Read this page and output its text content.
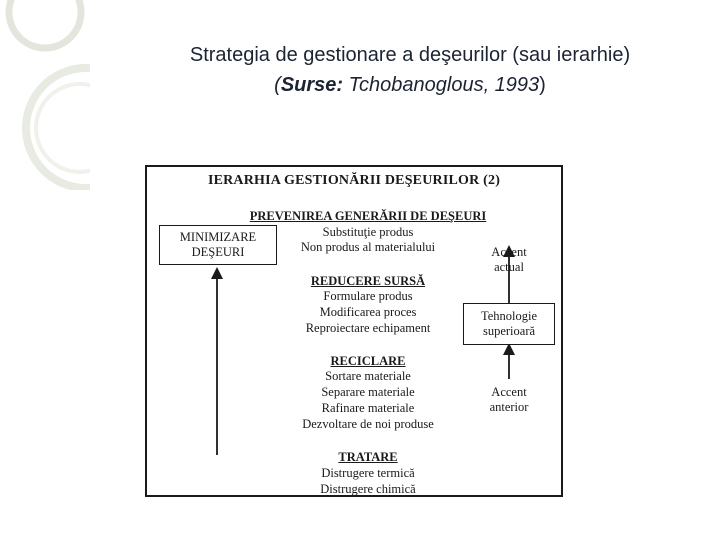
Strategia de gestionare a deşeurilor (sau ierarhie)
(Surse: Tchobanoglous, 1993)
IERARHIA GESTIONĂRII DEŞEURILOR (2)
MINIMIZARE
DEŞEURI	Accent
actual
Tehnologie
superioară
Accent
anterior
PREVENIREA GENERĂRII DE DEŞEURI
Substituţie produs
Non produs al materialului
REDUCERE SURSĂ
Formulare produs
Modificarea proces
Reproiectare echipament
RECICLARE
Sortare materiale
Separare materiale
Rafinare materiale
Dezvoltare de noi produse
TRATARE
Distrugere termică
Distrugere chimică
